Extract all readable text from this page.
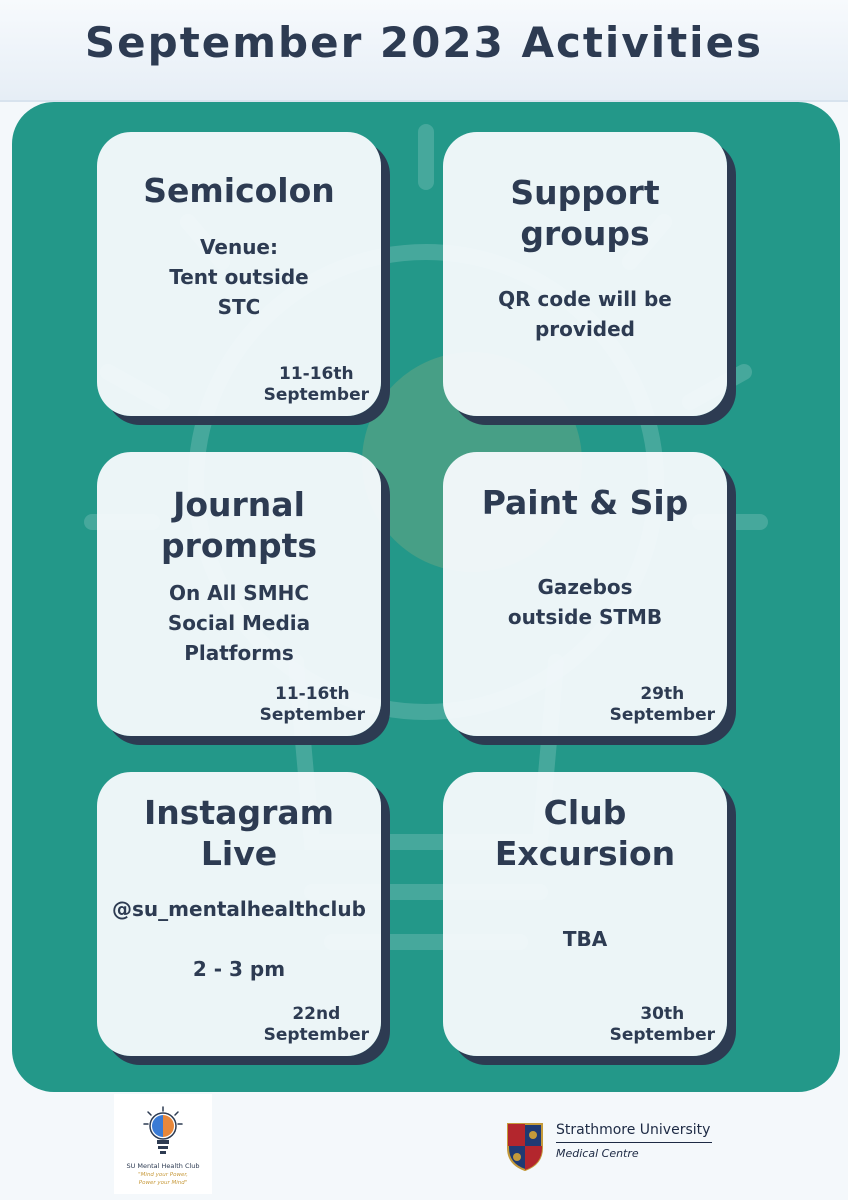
September 2023 Activities
Semicolon
Venue:
Tent outside
STC
11-16th
September
Support
groups
QR code will be
provided
Journal
prompts
On All SMHC
Social Media
Platforms
11-16th
September
Paint & Sip
Gazebos
outside STMB
29th
September
Instagram
Live
@su_mentalhealthclub

2 - 3 pm
22nd
September
Club
Excursion
TBA
30th
September
SU Mental Health Club
"Mind your Power,
Power your Mind"
Strathmore University
Medical Centre
